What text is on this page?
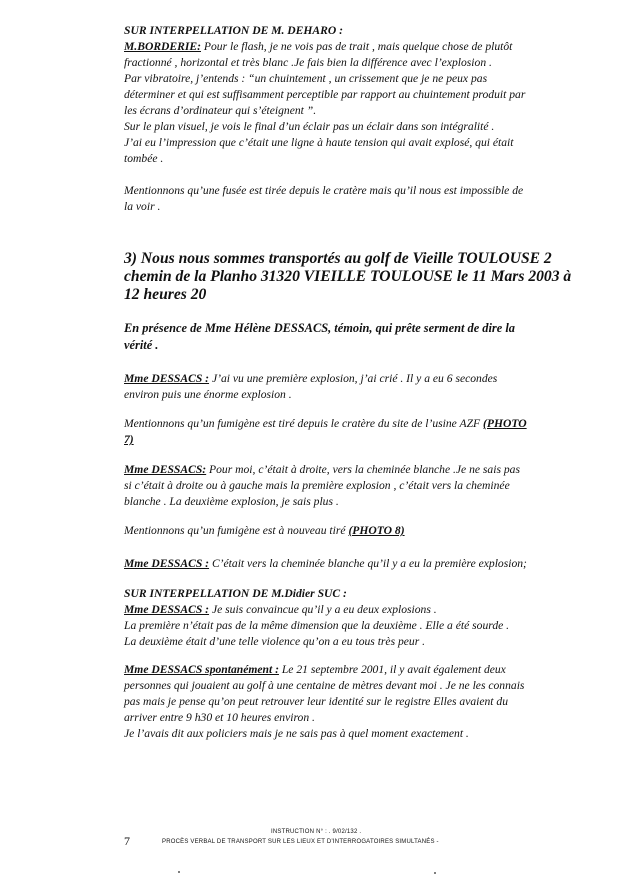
SUR INTERPELLATION DE M. DEHARO :
M.BORDERIE: Pour le flash, je ne vois pas de trait , mais quelque chose de plutôt
fractionné , horizontal et très blanc .Je fais bien la différence avec l’explosion .
Par vibratoire, j’entends : “un chuintement , un crissement que je ne peux pas
déterminer et qui est suffisamment perceptible par rapport au chuintement produit par
les écrans d’ordinateur qui s’éteignent ”.
Sur le plan visuel, je vois le final d’un éclair pas un éclair dans son intégralité .
J’ai eu l’impression que c’était une ligne à haute tension qui avait explosé, qui était
tombée .
Mentionnons qu’une fusée est tirée depuis le cratère mais qu’il nous est impossible de
la voir .
3) Nous nous sommes transportés au golf de Vieille TOULOUSE 2
chemin de la Planho 31320 VIEILLE TOULOUSE le 11 Mars 2003 à
12 heures 20
En présence de Mme Hélène DESSACS, témoin, qui prête serment de dire la
vérité .
Mme DESSACS : J’ai vu une première explosion, j’ai crié . Il y a eu 6 secondes
environ puis une énorme explosion .
Mentionnons qu’un fumigène est tiré depuis le cratère du site de l’usine AZF (PHOTO
7)
Mme DESSACS: Pour moi, c’était à droite, vers la cheminée blanche .Je ne sais pas
si c’était à droite ou à gauche mais la première explosion , c’était vers la cheminée
blanche . La deuxième explosion, je sais plus .
Mentionnons qu’un fumigène est à nouveau tiré (PHOTO 8)
Mme DESSACS : C’était vers la cheminée blanche qu’il y a eu la première explosion;
SUR INTERPELLATION DE M.Didier SUC :
Mme DESSACS : Je suis convaincue qu’il y a eu deux explosions .
La première n’était pas de la même dimension que la deuxième . Elle a été sourde .
La deuxième était d’une telle violence qu’on a eu tous très peur .
Mme DESSACS spontanément : Le 21 septembre 2001, il y avait également deux
personnes qui jouaient au golf à une centaine de mètres devant moi . Je ne les connais
pas mais je pense qu’on peut retrouver leur identité sur le registre Elles avaient du
arriver entre 9 h30 et 10 heures environ .
Je l’avais dit aux policiers mais je ne sais pas à quel moment exactement .
7
INSTRUCTION N° : . 9/02/132 .
PROCÈS VERBAL DE TRANSPORT SUR LES LIEUX ET D’INTERROGATOIRES SIMULTANÉS -
